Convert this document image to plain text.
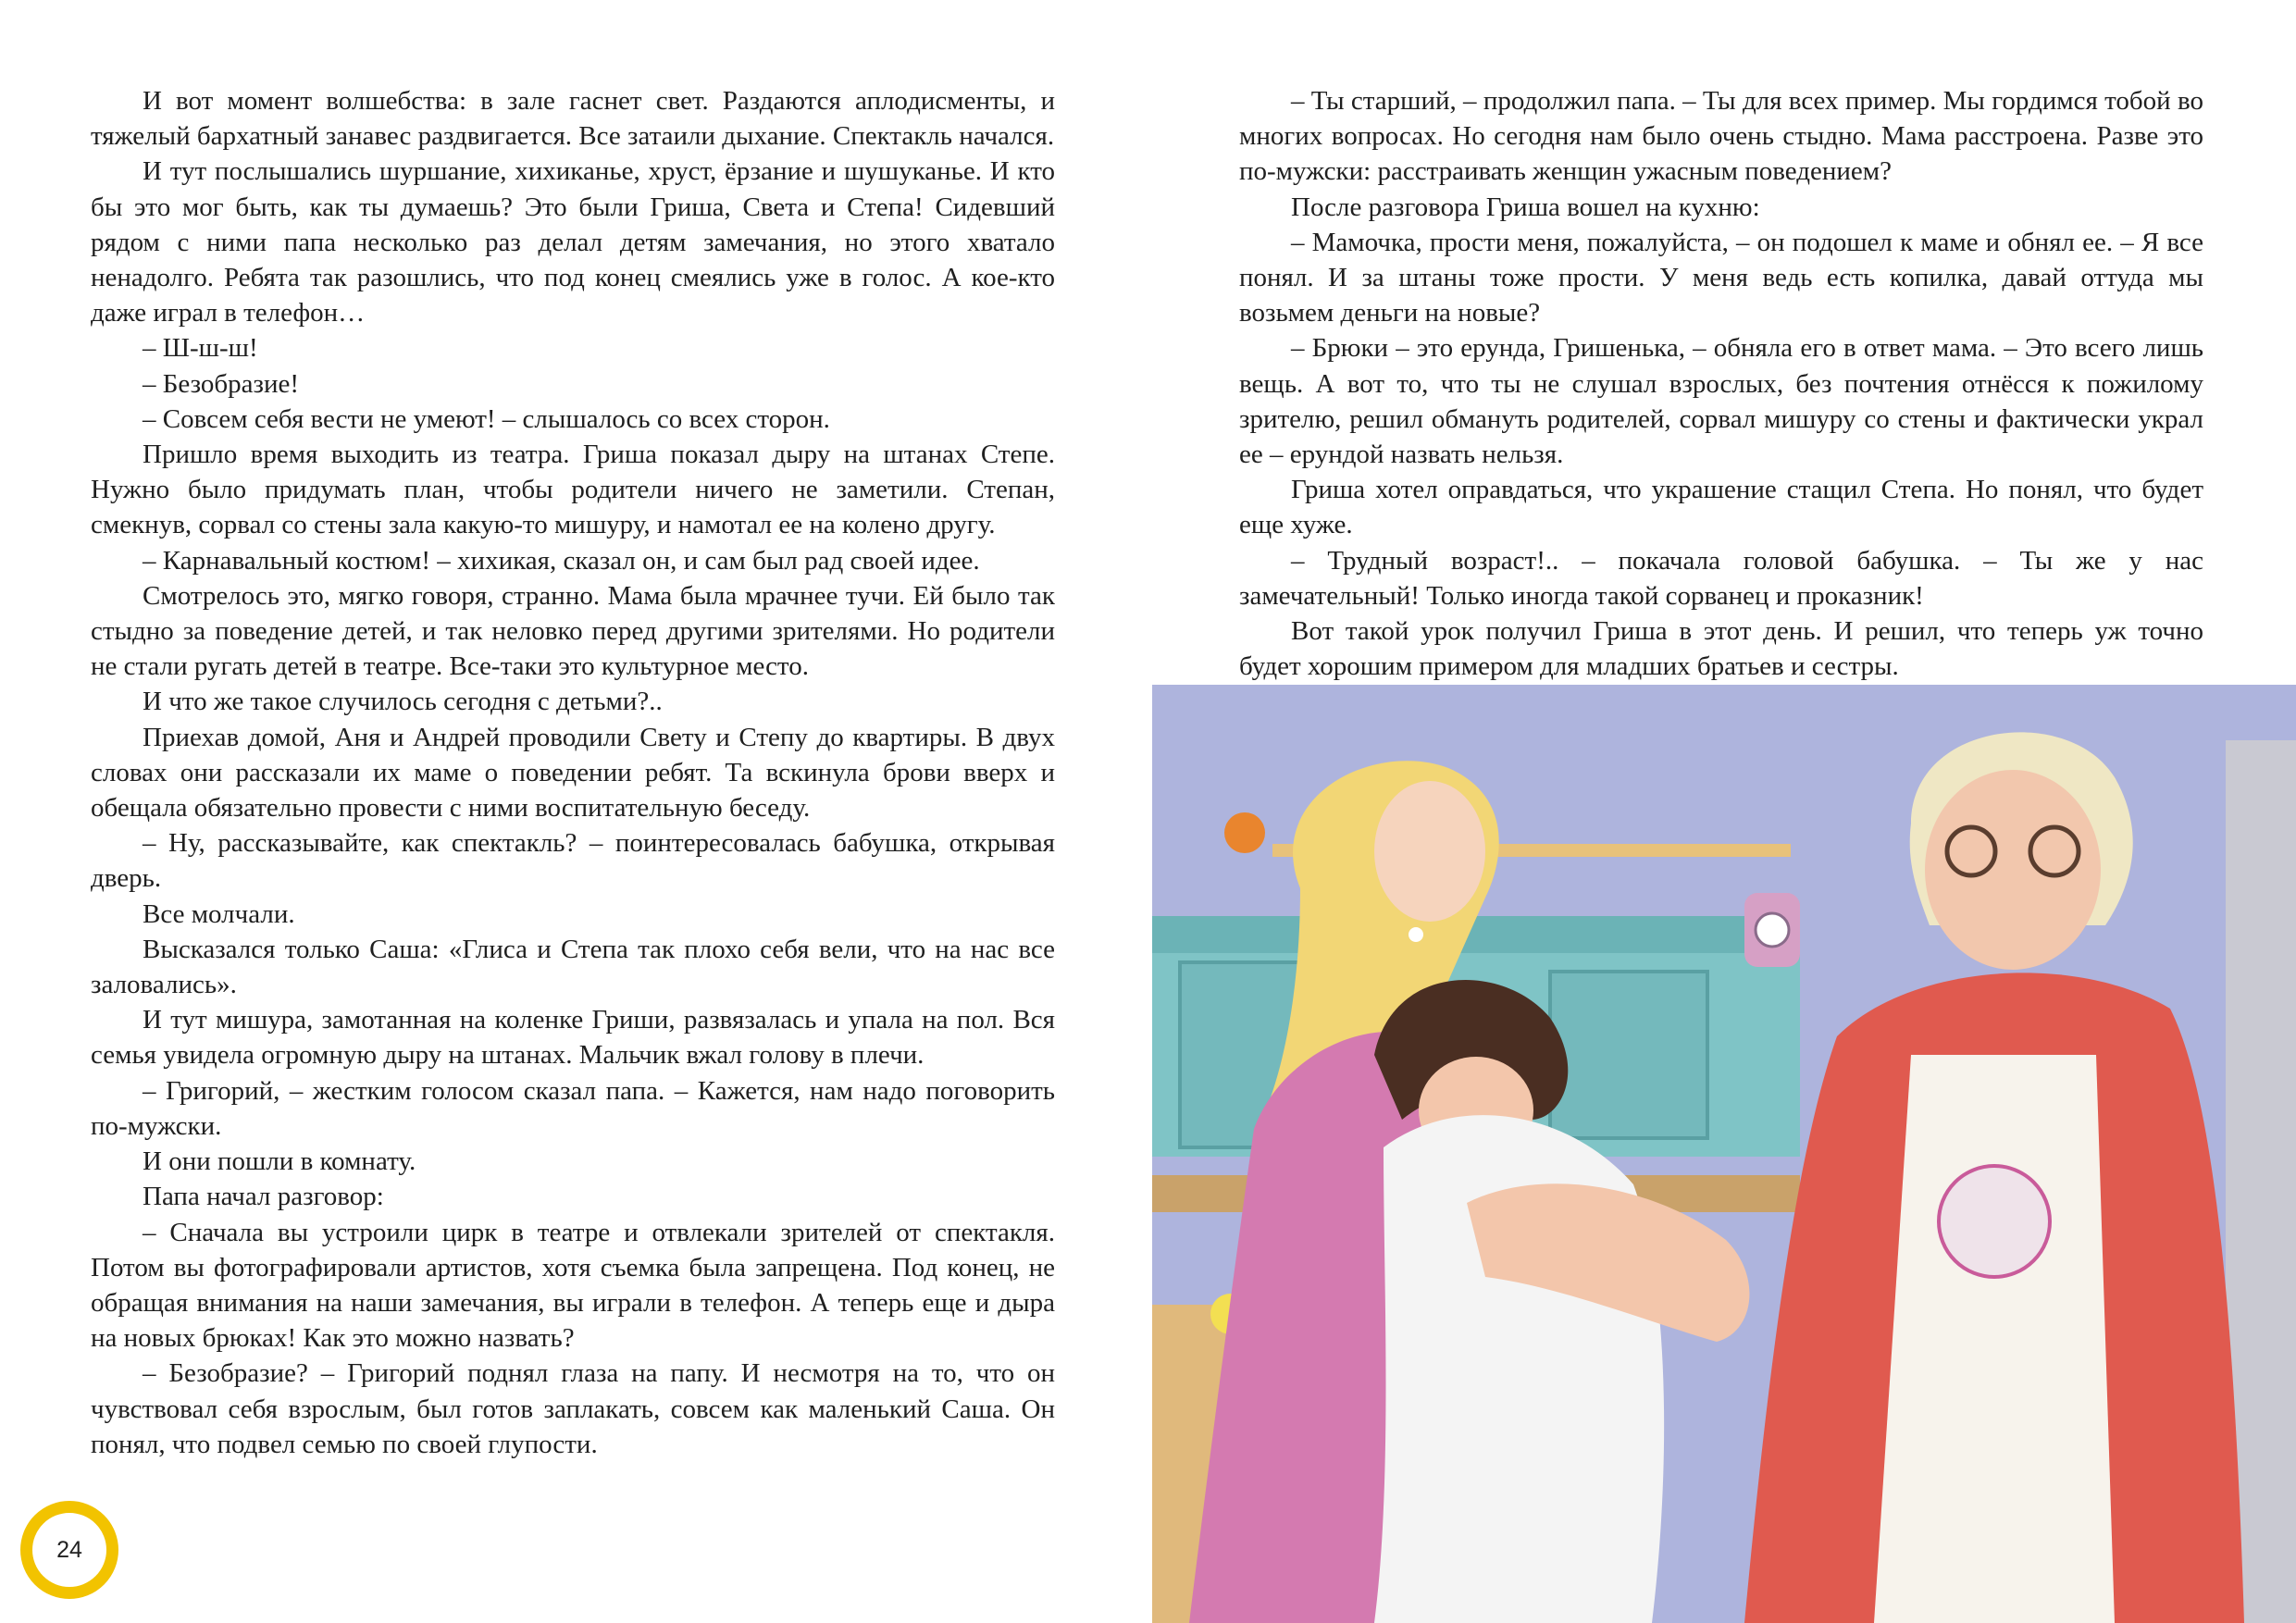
И вот момент волшебства: в зале гаснет свет. Раздаются аплодисменты, и тяжелый бархатный занавес раздвигается. Все затаили дыхание. Спектакль начался.

И тут послышались шуршание, хихиканье, хруст, ёрзание и шушуканье. И кто бы это мог быть, как ты думаешь? Это были Гриша, Света и Степа! Сидевший рядом с ними папа несколько раз делал детям замечания, но этого хватало ненадолго. Ребята так разошлись, что под конец смеялись уже в голос. А кое-кто даже играл в телефон…

– Ш-ш-ш!

– Безобразие!

– Совсем себя вести не умеют! – слышалось со всех сторон.

Пришло время выходить из театра. Гриша показал дыру на штанах Степе. Нужно было придумать план, чтобы родители ничего не заметили. Степан, смекнув, сорвал со стены зала какую-то мишуру, и намотал ее на колено другу.

– Карнавальный костюм! – хихикая, сказал он, и сам был рад своей идее.

Смотрелось это, мягко говоря, странно. Мама была мрачнее тучи. Ей было так стыдно за поведение детей, и так неловко перед другими зрителями. Но родители не стали ругать детей в театре. Все-таки это культурное место.

И что же такое случилось сегодня с детьми?..

Приехав домой, Аня и Андрей проводили Свету и Степу до квартиры. В двух словах они рассказали их маме о поведении ребят. Та вскинула брови вверх и обещала обязательно провести с ними воспитательную беседу.

– Ну, рассказывайте, как спектакль? – поинтересовалась бабушка, открывая дверь.

Все молчали.

Высказался только Саша: «Глиса и Степа так плохо себя вели, что на нас все заловались».

И тут мишура, замотанная на коленке Гриши, развязалась и упала на пол. Вся семья увидела огромную дыру на штанах. Мальчик вжал голову в плечи.

– Григорий, – жестким голосом сказал папа. – Кажется, нам надо поговорить по-мужски.

И они пошли в комнату.

Папа начал разговор:

– Сначала вы устроили цирк в театре и отвлекали зрителей от спектакля. Потом вы фотографировали артистов, хотя съемка была запрещена. Под конец, не обращая внимания на наши замечания, вы играли в телефон. А теперь еще и дыра на новых брюках! Как это можно назвать?

– Безобразие? – Григорий поднял глаза на папу. И несмотря на то, что он чувствовал себя взрослым, был готов заплакать, совсем как маленький Саша. Он понял, что подвел семью по своей глупости.

– Ты старший, – продолжил папа. – Ты для всех пример. Мы гордимся тобой во многих вопросах. Но сегодня нам было очень стыдно. Мама расстроена. Разве это по-мужски: расстраивать женщин ужасным поведением?

После разговора Гриша вошел на кухню:

– Мамочка, прости меня, пожалуйста, – он подошел к маме и обнял ее. – Я все понял. И за штаны тоже прости. У меня ведь есть копилка, давай оттуда мы возьмем деньги на новые?

– Брюки – это ерунда, Гришенька, – обняла его в ответ мама. – Это всего лишь вещь. А вот то, что ты не слушал взрослых, без почтения отнёсся к пожилому зрителю, решил обмануть родителей, сорвал мишуру со стены и фактически украл ее – ерундой назвать нельзя.

Гриша хотел оправдаться, что украшение стащил Степа. Но понял, что будет еще хуже.

– Трудный возраст!.. – покачала головой бабушка. – Ты же у нас замечательный! Только иногда такой сорванец и проказник!

Вот такой урок получил Гриша в этот день. И решил, что теперь уж точно будет хорошим примером для младших братьев и сестры.

24
